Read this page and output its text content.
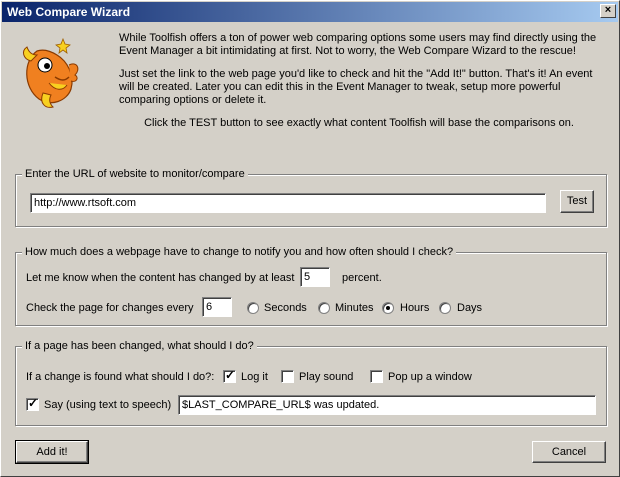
Web Compare Wizard	×

While Toolfish offers a ton of power web comparing options some users may find directly using the Event Manager a bit intimidating at first. Not to worry, the Web Compare Wizard to the rescue!

Just set the link to the web page you'd like to check and hit the "Add It!" button. That's it! An event will be created. Later you can edit this in the Event Manager to tweak, setup more powerful comparing options or delete it.

Click the TEST button to see exactly what content Toolfish will base the comparisons on.

Enter the URL of website to monitor/compare
http://www.rtsoft.com	Test
How much does a webpage have to change to notify you and how often should I check?
Let me know when the content has changed by at least 5	percent.
Check the page for changes every	6	Seconds	Minutes Hours	Days
If a page has been changed, what should I do?
If a change is found what should I do?:
✓ Log it	Play sound	Pop up a window
✓
Say (using text to speech) $LAST_COMPARE_URL$ was updated.
Add it!	Cancel
